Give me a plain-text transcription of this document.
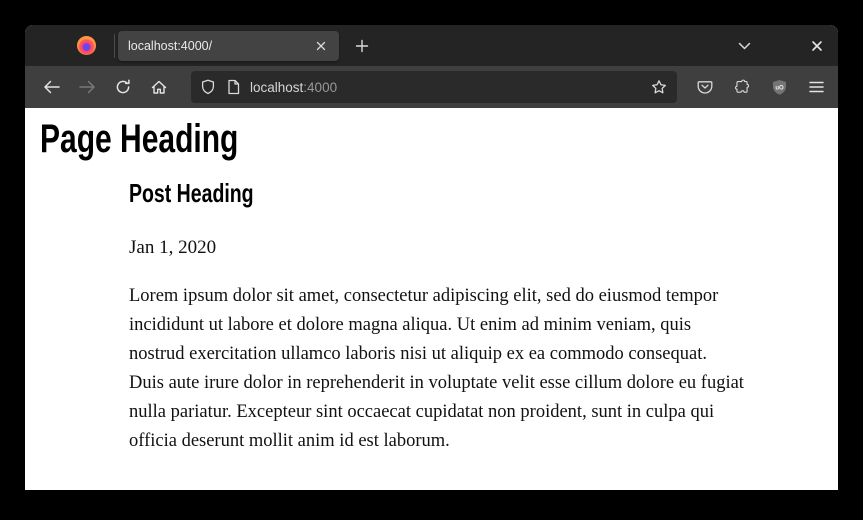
localhost:4000/
localhost:4000	uO
Page Heading
Post Heading
Jan 1, 2020
Lorem ipsum dolor sit amet, consectetur adipiscing elit, sed do eiusmod tempor
incididunt ut labore et dolore magna aliqua. Ut enim ad minim veniam, quis
nostrud exercitation ullamco laboris nisi ut aliquip ex ea commodo consequat.
Duis aute irure dolor in reprehenderit in voluptate velit esse cillum dolore eu fugiat
nulla pariatur. Excepteur sint occaecat cupidatat non proident, sunt in culpa qui
officia deserunt mollit anim id est laborum.
